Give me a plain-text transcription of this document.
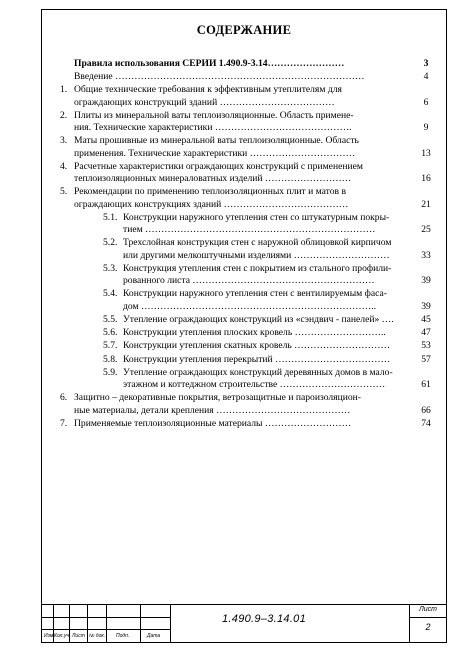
СОДЕРЖАНИЕ
Правила использования СЕРИИ 1.490.9-3.14……………………	3
Введение ……………………………………………………………………	4
1. Общие технические требования к эффективным утеплителям для
ограждающих конструкций зданий ………………………………	6
2. Плиты из минеральной ваты теплоизоляционные. Область примене-
ния. Технические характеристики …………………………………….	9
3. Маты прошивные из минеральной ваты теплоизоляционные. Область
применения. Технические характеристики ……………………………	13
4. Расчетные характеристики ограждающих конструкций с применением
теплоизоляционных минераловатных изделий ………………………	16
5. Рекомендации по применению теплоизоляционных плит и матов в
ограждающих конструкциях зданий …………………………………	21
5.1. Конструкции наружного утепления стен со штукатурным покры-
тием ………………………………………………………………	25
5.2. Трехслойная конструкция стен с наружной облицовкой кирпичом
или другими мелкоштучными изделиями …………………………	33
5.3. Конструкция утепления стен с покрытием из стального профили-
рованного листа …………………………………………………	39
5.4. Конструкции наружного утепления стен с вентилируемым фаса-
дом ………………………………………………………………..	39
5.5. Утепление ограждающих конструкций из «сэндвич - панелей» ….	45
5.6. Конструкции утепления плоских кровель ………………………..	47
5.7. Конструкции утепления скатных кровель …………………………	53
5.8. Конструкции утепления перекрытий ………………………………	57
5.9. Утепление ограждающих конструкций деревянных домов в мало-
этажном и коттеджном строительстве ……………………………	61
6. Защитно – декоративные покрытия, ветрозащитные и пароизоляцион-
ные материалы, детали крепления ……………………………………	66
7. Применяемые теплоизоляционные материалы ………………………	74
Изм. Кол.уч. Лист № док. Подп.	Дата
1.490.9–3.14.01
Лист
2
